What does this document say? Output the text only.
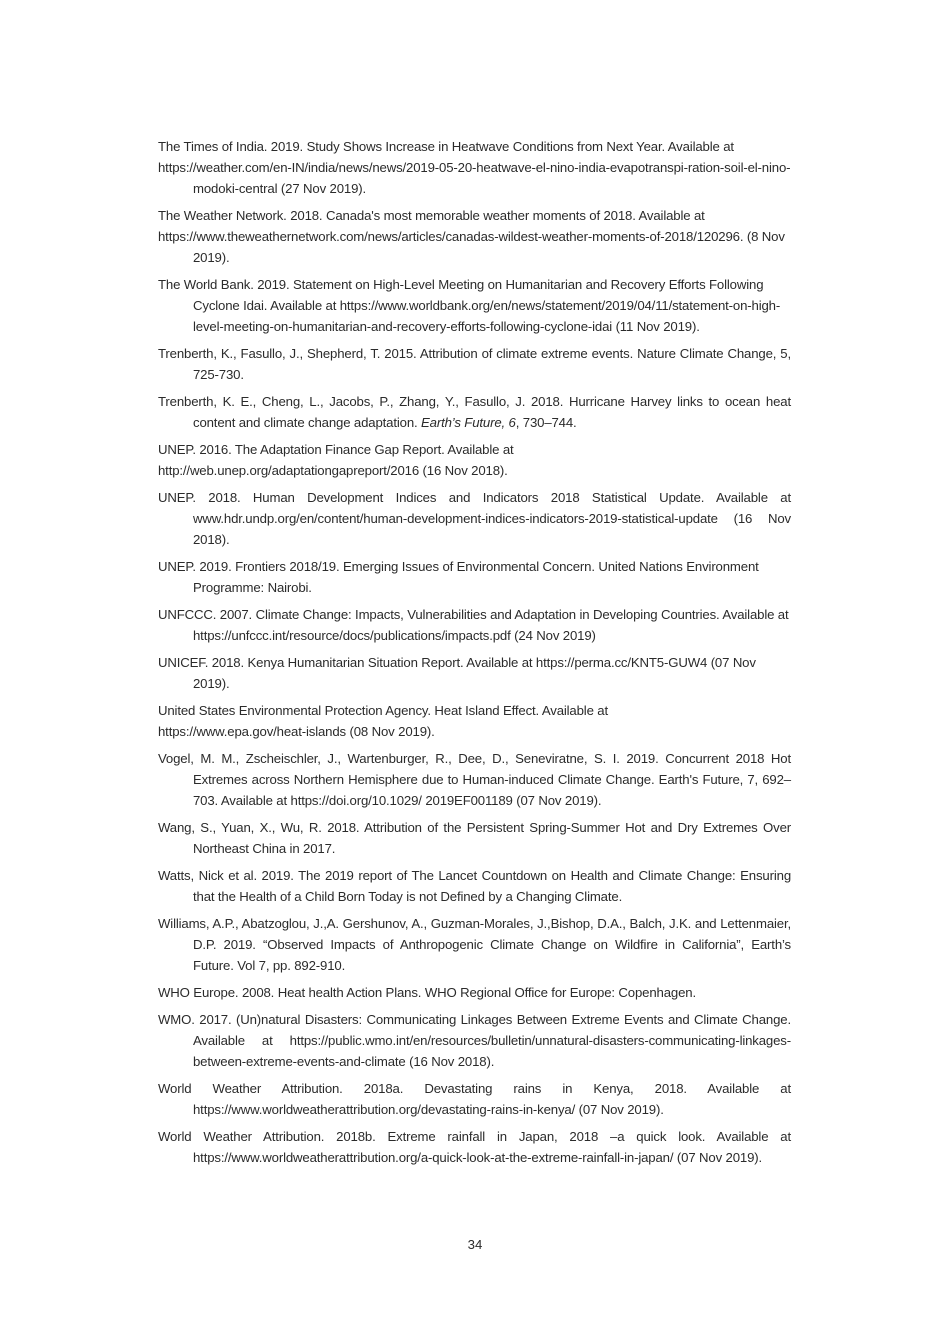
The Times of India. 2019. Study Shows Increase in Heatwave Conditions from Next Year. Available at
https://weather.com/en-IN/india/news/news/2019-05-20-heatwave-el-nino-india-evapotranspi-ration-soil-el-nino-modoki-central (27 Nov 2019).
The Weather Network. 2018. Canada's most memorable weather moments of 2018. Available at
https://www.theweathernetwork.com/news/articles/canadas-wildest-weather-moments-of-2018/120296. (8 Nov 2019).
The World Bank. 2019. Statement on High-Level Meeting on Humanitarian and Recovery Efforts Following Cyclone Idai. Available at https://www.worldbank.org/en/news/statement/2019/04/11/statement-on-high-level-meeting-on-humanitarian-and-recovery-efforts-following-cyclone-idai (11 Nov 2019).
Trenberth, K., Fasullo, J., Shepherd, T. 2015. Attribution of climate extreme events. Nature Climate Change, 5, 725-730.
Trenberth, K. E., Cheng, L., Jacobs, P., Zhang, Y., Fasullo, J. 2018. Hurricane Harvey links to ocean heat content and climate change adaptation. Earth’s Future, 6, 730–744.
UNEP. 2016. The Adaptation Finance Gap Report. Available at
http://web.unep.org/adaptationgapreport/2016 (16 Nov 2018).
UNEP. 2018. Human Development Indices and Indicators 2018 Statistical Update. Available at www.hdr.undp.org/en/content/human-development-indices-indicators-2019-statistical-update (16 Nov 2018).
UNEP. 2019. Frontiers 2018/19. Emerging Issues of Environmental Concern. United Nations Environment Programme: Nairobi.
UNFCCC. 2007. Climate Change: Impacts, Vulnerabilities and Adaptation in Developing Countries. Available at https://unfccc.int/resource/docs/publications/impacts.pdf (24 Nov 2019)
UNICEF. 2018. Kenya Humanitarian Situation Report. Available at https://perma.cc/KNT5-GUW4 (07 Nov 2019).
United States Environmental Protection Agency. Heat Island Effect. Available at
https://www.epa.gov/heat-islands (08 Nov 2019).
Vogel, M. M., Zscheischler, J., Wartenburger, R., Dee, D., Seneviratne, S. I. 2019. Concurrent 2018 Hot Extremes across Northern Hemisphere due to Human-induced Climate Change. Earth's Future, 7, 692–703. Available at https://doi.org/10.1029/ 2019EF001189 (07 Nov 2019).
Wang, S., Yuan, X., Wu, R. 2018. Attribution of the Persistent Spring-Summer Hot and Dry Extremes Over Northeast China in 2017.
Watts, Nick et al. 2019. The 2019 report of The Lancet Countdown on Health and Climate Change: Ensuring that the Health of a Child Born Today is not Defined by a Changing Climate.
Williams, A.P., Abatzoglou, J.,A. Gershunov, A., Guzman-Morales, J.,Bishop, D.A., Balch, J.K. and Lettenmaier, D.P. 2019. “Observed Impacts of Anthropogenic Climate Change on Wildfire in California”, Earth’s Future. Vol 7, pp. 892-910.
WHO Europe. 2008. Heat health Action Plans. WHO Regional Office for Europe: Copenhagen.
WMO. 2017. (Un)natural Disasters: Communicating Linkages Between Extreme Events and Climate Change. Available at https://public.wmo.int/en/resources/bulletin/unnatural-disasters-communicating-linkages-between-extreme-events-and-climate (16 Nov 2018).
World Weather Attribution. 2018a. Devastating rains in Kenya, 2018. Available at https://www.worldweatherattribution.org/devastating-rains-in-kenya/ (07 Nov 2019).
World Weather Attribution. 2018b. Extreme rainfall in Japan, 2018 –a quick look. Available at https://www.worldweatherattribution.org/a-quick-look-at-the-extreme-rainfall-in-japan/ (07 Nov 2019).
34
